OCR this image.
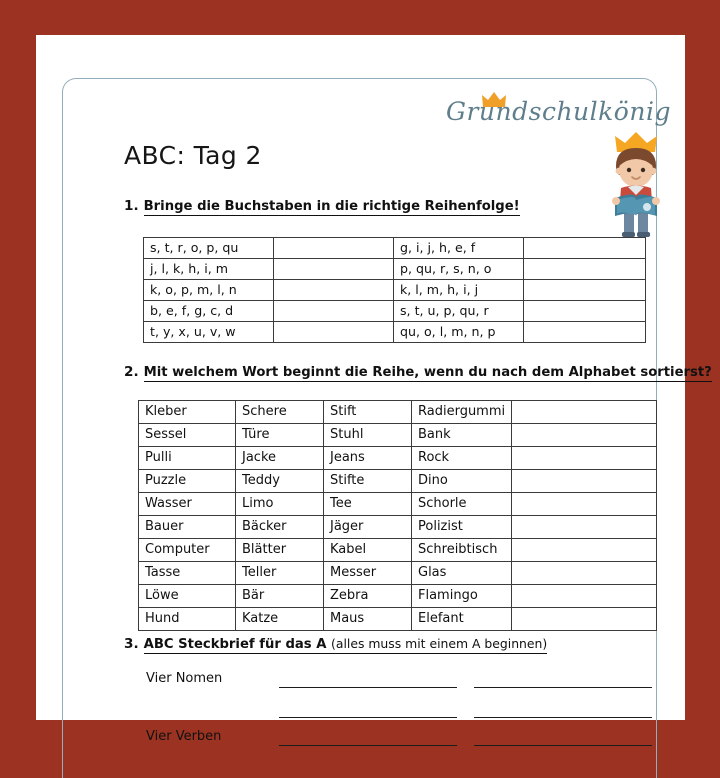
Grundschulkönig
ABC: Tag 2
1. Bringe die Buchstaben in die richtige Reihenfolge!
s, t, r, o, p, qu		g, i, j, h, e, f	
j, l, k, h, i, m		p, qu, r, s, n, o	
k, o, p, m, l, n		k, l, m, h, i, j	
b, e, f, g, c, d		s, t, u, p, qu, r	
t, y, x, u, v, w		qu, o, l, m, n, p	
2. Mit welchem Wort beginnt die Reihe, wenn du nach dem Alphabet sortierst?
Kleber	Schere	Stift	Radiergummi	
Sessel	Türe	Stuhl	Bank	
Pulli	Jacke	Jeans	Rock	
Puzzle	Teddy	Stifte	Dino	
Wasser	Limo	Tee	Schorle	
Bauer	Bäcker	Jäger	Polizist	
Computer	Blätter	Kabel	Schreibtisch	
Tasse	Teller	Messer	Glas	
Löwe	Bär	Zebra	Flamingo	
Hund	Katze	Maus	Elefant	
3. ABC Steckbrief für das A (alles muss mit einem A beginnen)
Vier Nomen
Vier Verben
